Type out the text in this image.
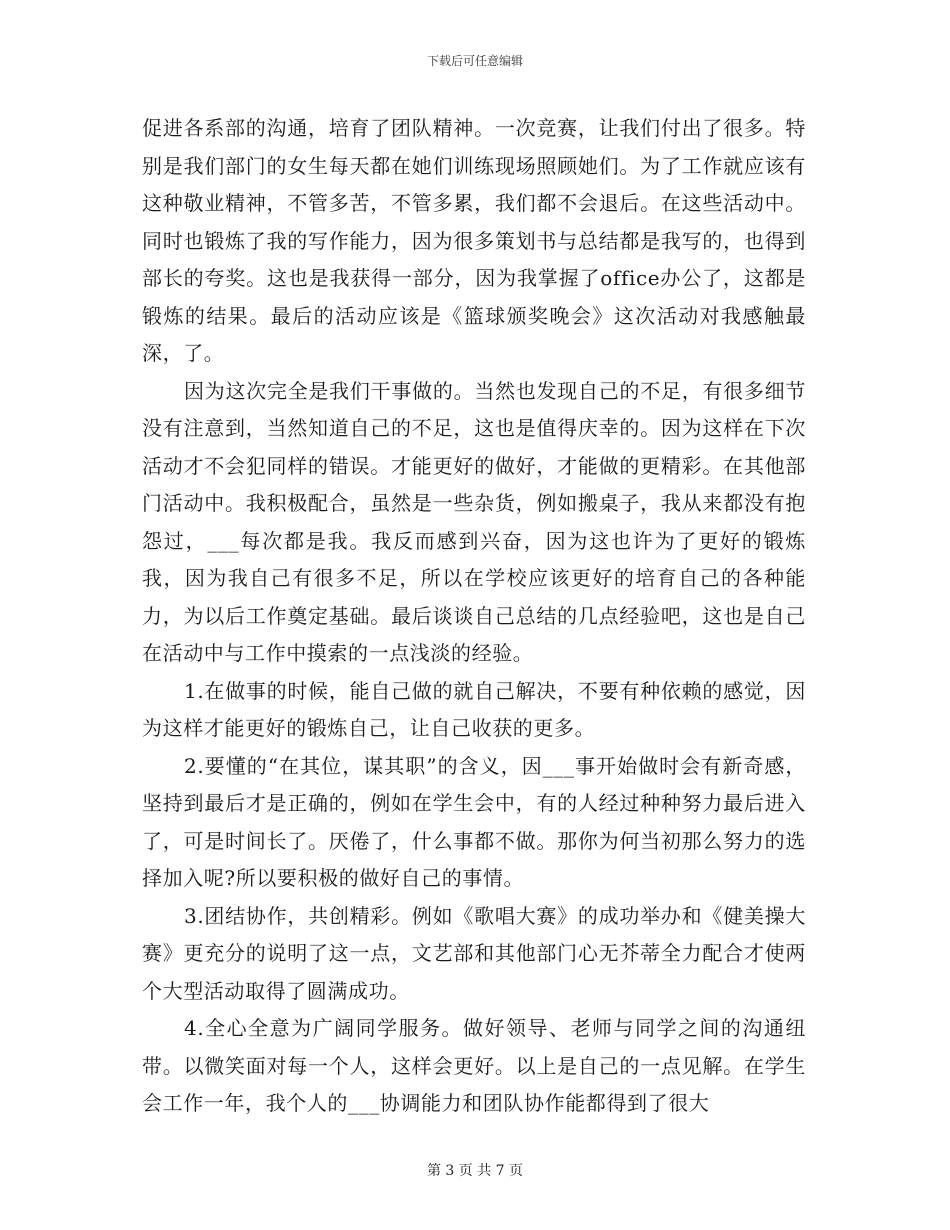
下载后可任意编辑

促进各系部的沟通，培育了团队精神。一次竞赛，让我们付出了很多。特别是我们部门的女生每天都在她们训练现场照顾她们。为了工作就应该有这种敬业精神，不管多苦，不管多累，我们都不会退后。在这些活动中。同时也锻炼了我的写作能力，因为很多策划书与总结都是我写的，也得到部长的夸奖。这也是我获得一部分，因为我掌握了office办公了，这都是锻炼的结果。最后的活动应该是《篮球颁奖晚会》这次活动对我感触最深，了。

因为这次完全是我们干事做的。当然也发现自己的不足，有很多细节没有注意到，当然知道自己的不足，这也是值得庆幸的。因为这样在下次活动才不会犯同样的错误。才能更好的做好，才能做的更精彩。在其他部门活动中。我积极配合，虽然是一些杂货，例如搬桌子，我从来都没有抱怨过，___每次都是我。我反而感到兴奋，因为这也许为了更好的锻炼我，因为我自己有很多不足，所以在学校应该更好的培育自己的各种能力，为以后工作奠定基础。最后谈谈自己总结的几点经验吧，这也是自己在活动中与工作中摸索的一点浅淡的经验。

1.在做事的时候，能自己做的就自己解决，不要有种依赖的感觉，因为这样才能更好的锻炼自己，让自己收获的更多。

2.要懂的“在其位，谋其职”的含义，因___事开始做时会有新奇感，坚持到最后才是正确的，例如在学生会中，有的人经过种种努力最后进入了，可是时间长了。厌倦了，什么事都不做。那你为何当初那么努力的选择加入呢?所以要积极的做好自己的事情。

3.团结协作，共创精彩。例如《歌唱大赛》的成功举办和《健美操大赛》更充分的说明了这一点，文艺部和其他部门心无芥蒂全力配合才使两个大型活动取得了圆满成功。

4.全心全意为广阔同学服务。做好领导、老师与同学之间的沟通纽带。以微笑面对每一个人，这样会更好。以上是自己的一点见解。在学生会工作一年，我个人的___协调能力和团队协作能都得到了很大

第 3 页 共 7 页
